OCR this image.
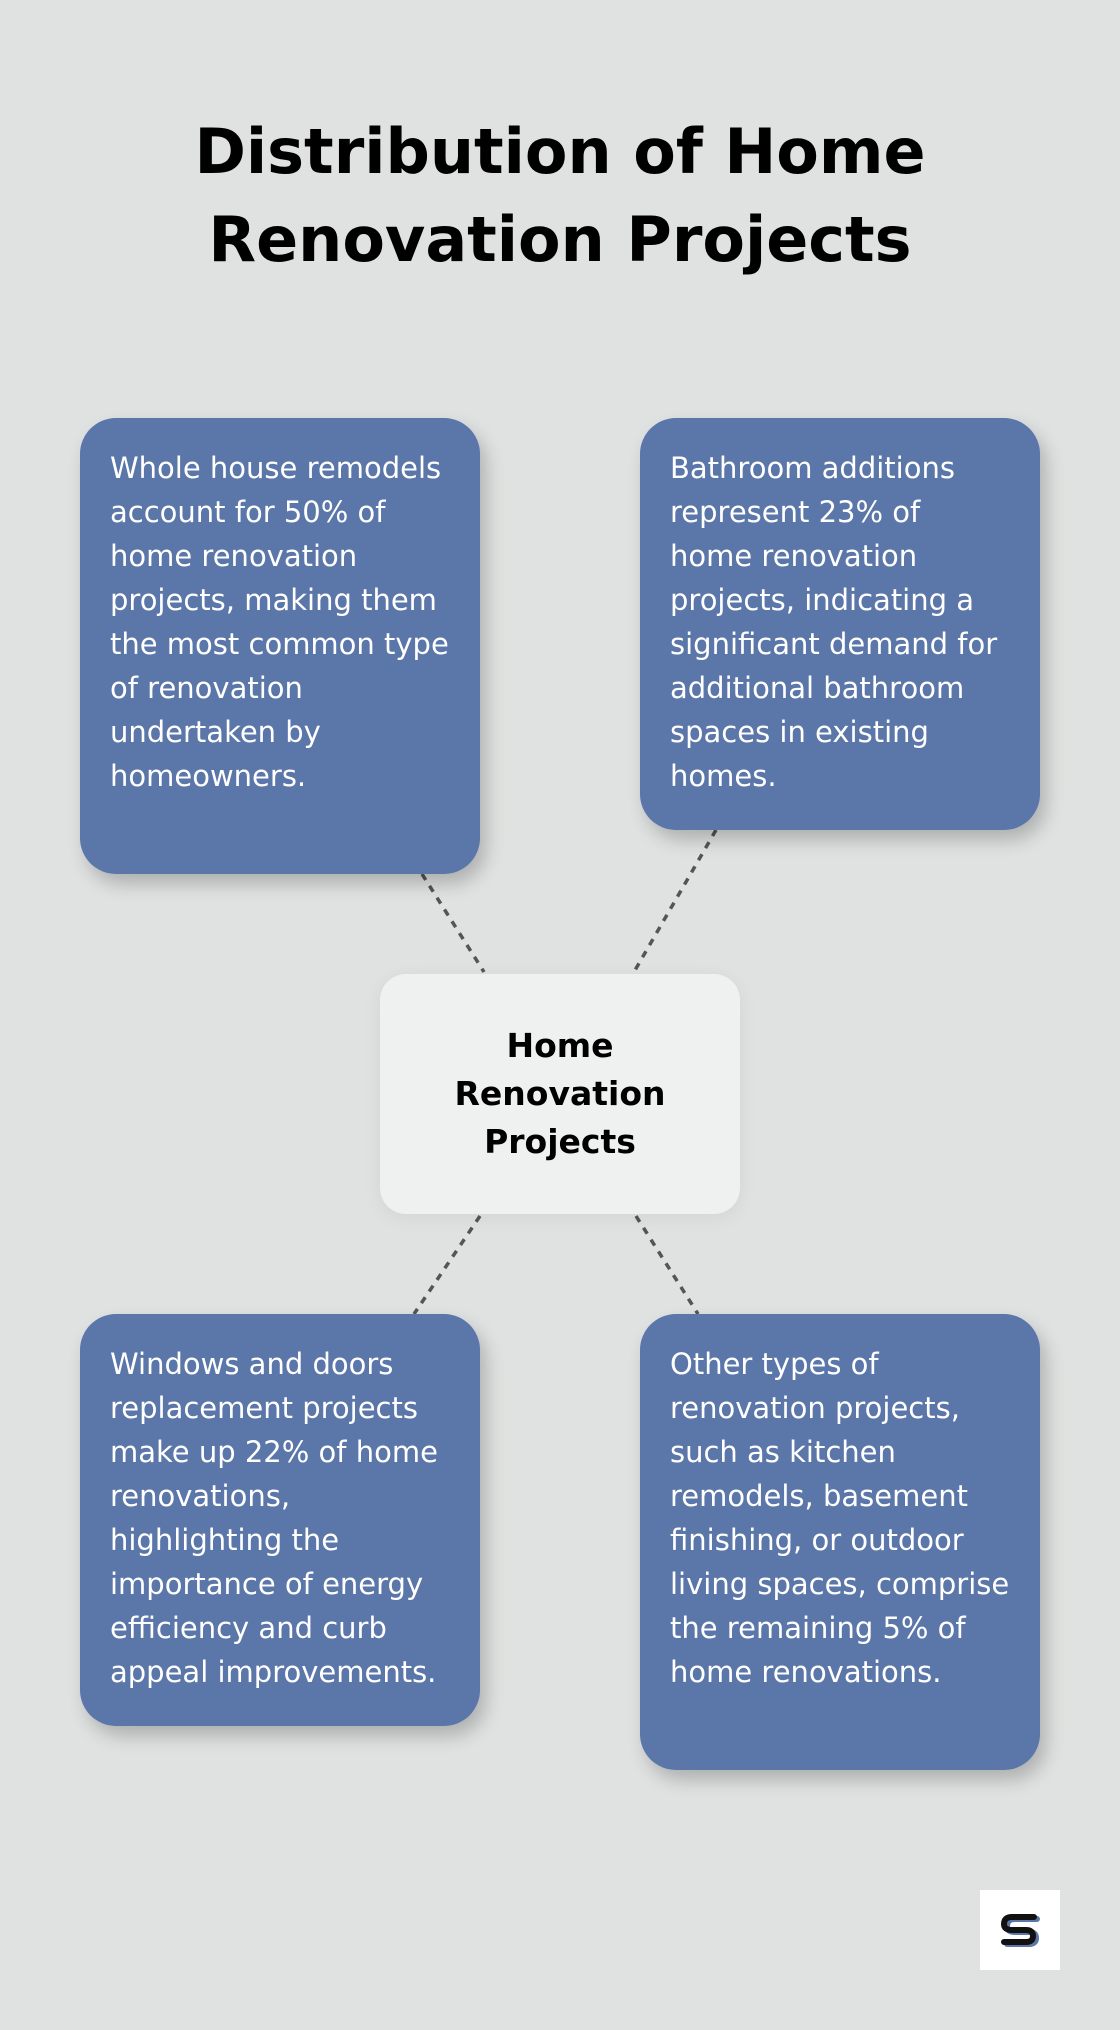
Distribution of Home Renovation Projects
Whole house remodels account for 50% of home renovation projects, making them the most common type of renovation undertaken by homeowners.
Bathroom additions represent 23% of home renovation projects, indicating a significant demand for additional bathroom spaces in existing homes.
Home Renovation Projects
Windows and doors replacement projects make up 22% of home renovations, highlighting the importance of energy efficiency and curb appeal improvements.
Other types of renovation projects, such as kitchen remodels, basement finishing, or outdoor living spaces, comprise the remaining 5% of home renovations.
